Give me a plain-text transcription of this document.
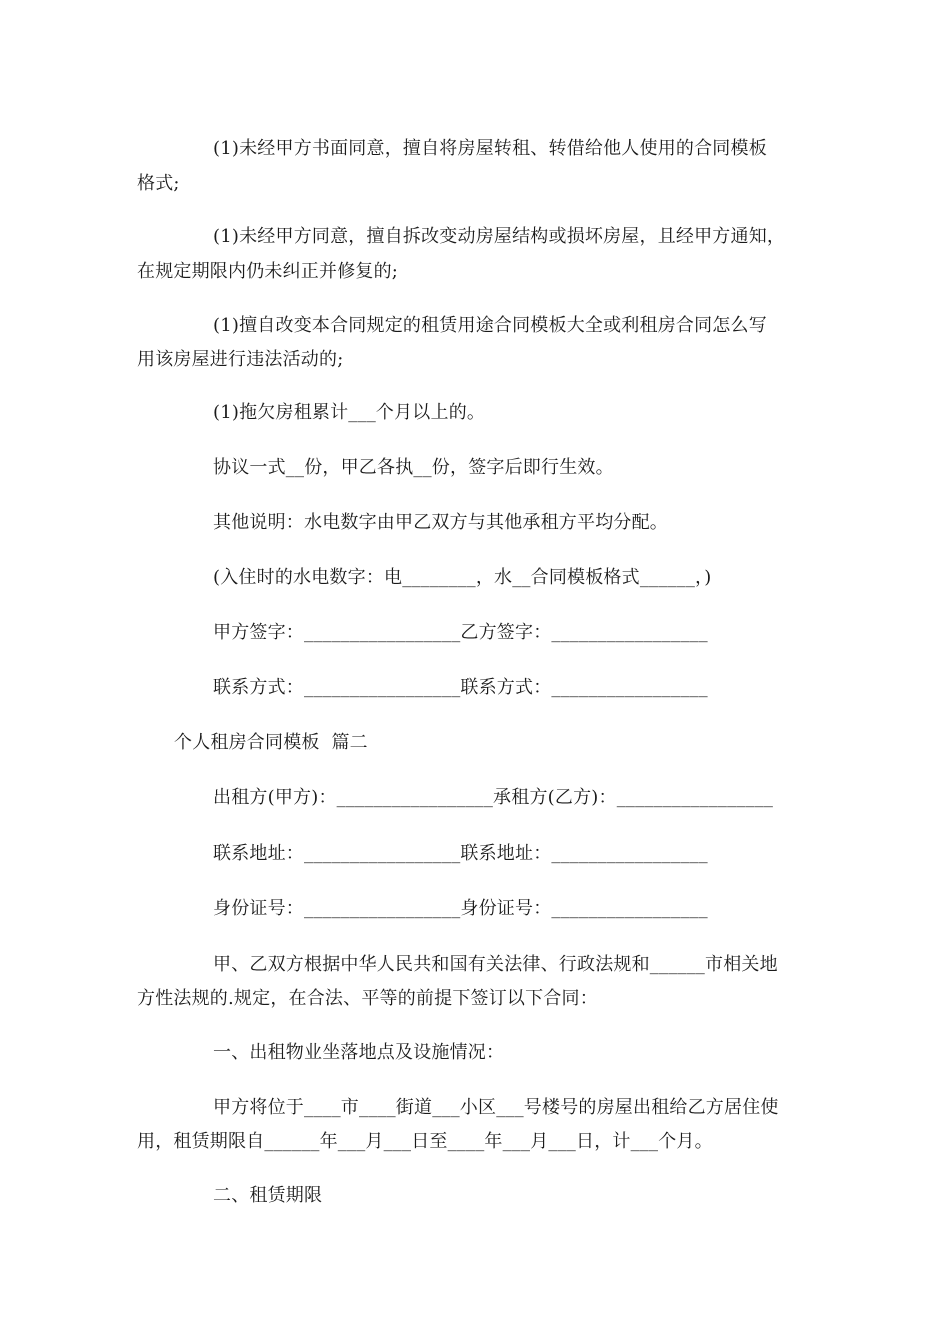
(1)未经甲方书面同意，擅自将房屋转租、转借给他人使用的合同模板
格式;
(1)未经甲方同意，擅自拆改变动房屋结构或损坏房屋，且经甲方通知，
在规定期限内仍未纠正并修复的;
(1)擅自改变本合同规定的租赁用途合同模板大全或利租房合同怎么写
用该房屋进行违法活动的;
(1)拖欠房租累计___个月以上的。
协议一式__份，甲乙各执__份，签字后即行生效。
其他说明：水电数字由甲乙双方与其他承租方平均分配。
(入住时的水电数字：电________，水__合同模板格式______，)
甲方签字：_________________乙方签字：_________________
联系方式：_________________联系方式：_________________
个人租房合同模板  篇二
出租方(甲方)：_________________承租方(乙方)：_________________
联系地址：_________________联系地址：_________________
身份证号：_________________身份证号：_________________
甲、乙双方根据中华人民共和国有关法律、行政法规和______市相关地
方性法规的.规定，在合法、平等的前提下签订以下合同：
一、出租物业坐落地点及设施情况：
甲方将位于____市____街道___小区___号楼号的房屋出租给乙方居住使
用，租赁期限自______年___月___日至____年___月___日，计___个月。
二、租赁期限
